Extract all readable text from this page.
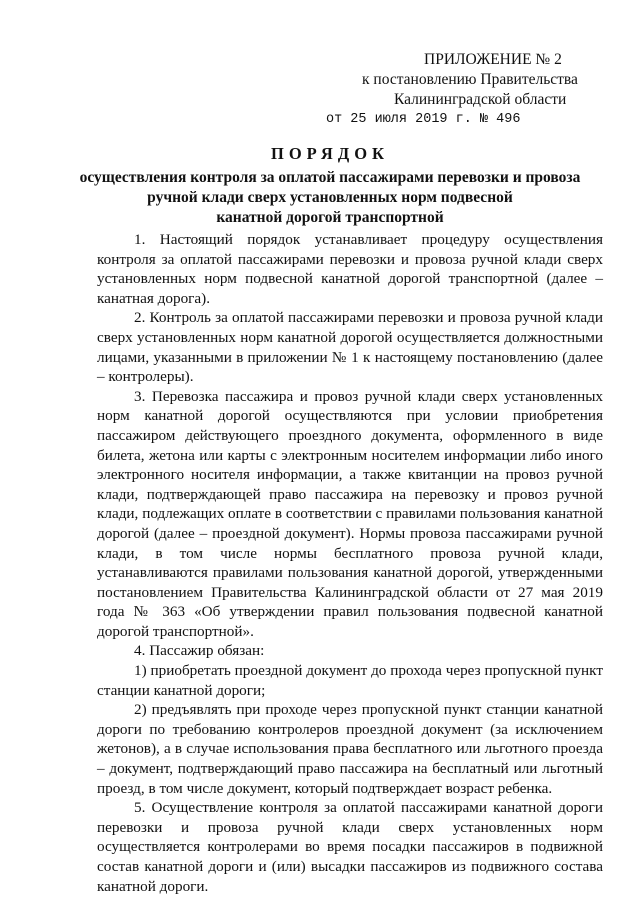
ПРИЛОЖЕНИЕ № 2
к постановлению Правительства
Калининградской области
от 25 июля 2019 г. № 496
ПОРЯДОК
осуществления контроля за оплатой пассажирами перевозки и провоза
ручной клади сверх установленных норм подвесной
канатной дорогой транспортной

1. Настоящий порядок устанавливает процедуру осуществления контроля за оплатой пассажирами перевозки и провоза ручной клади сверх установленных норм подвесной канатной дорогой транспортной (далее – канатная дорога).

2. Контроль за оплатой пассажирами перевозки и провоза ручной клади сверх установленных норм канатной дорогой осуществляется должностными лицами, указанными в приложении № 1 к настоящему постановлению (далее – контролеры).

3. Перевозка пассажира и провоз ручной клади сверх установленных норм канатной дорогой осуществляются при условии приобретения пассажиром действующего проездного документа, оформленного в виде билета, жетона или карты с электронным носителем информации либо иного электронного носителя информации, а также квитанции на провоз ручной клади, подтверждающей право пассажира на перевозку и провоз ручной клади, подлежащих оплате в соответствии с правилами пользования канатной дорогой (далее – проездной документ). Нормы провоза пассажирами ручной клади, в том числе нормы бесплатного провоза ручной клади, устанавливаются правилами пользования канатной дорогой, утвержденными постановлением Правительства Калининградской области от 27 мая 2019 года № 363 «Об утверждении правил пользования подвесной канатной дорогой транспортной».

4. Пассажир обязан:

1) приобретать проездной документ до прохода через пропускной пункт станции канатной дороги;

2) предъявлять при проходе через пропускной пункт станции канатной дороги по требованию контролеров проездной документ (за исключением жетонов), а в случае использования права бесплатного или льготного проезда – документ, подтверждающий право пассажира на бесплатный или льготный проезд, в том числе документ, который подтверждает возраст ребенка.

5. Осуществление контроля за оплатой пассажирами канатной дороги перевозки и провоза ручной клади сверх установленных норм осуществляется контролерами во время посадки пассажиров в подвижной состав канатной дороги и (или) высадки пассажиров из подвижного состава канатной дороги.
